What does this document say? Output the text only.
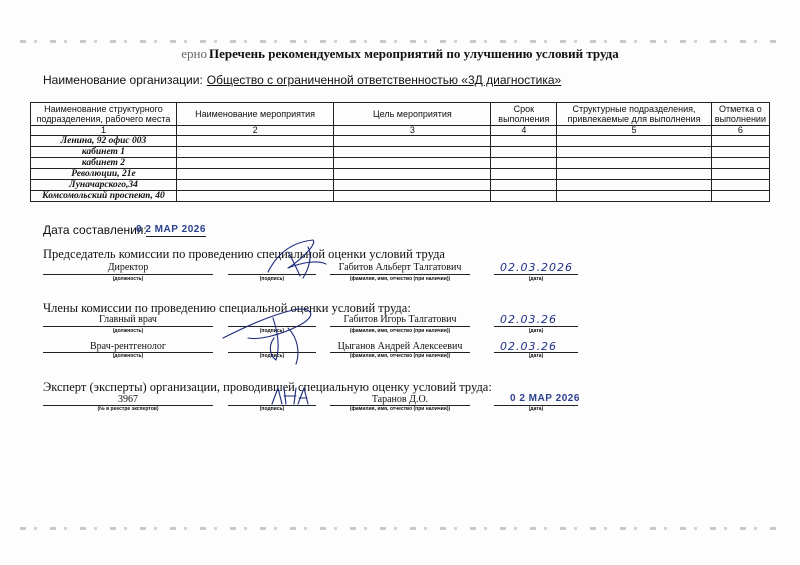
ерно Перечень рекомендуемых мероприятий по улучшению условий труда
Наименование организации: Общество с ограниченной ответственностью «3Д диагностика»
Наименование структурного подразделения, рабочего места	Наименование мероприятия	Цель мероприятия	Срок выполнения	Структурные подразделения, привлекаемые для выполнения	Отметка о выполнении
1	2	3	4	5	6
Ленина, 92 офис 003					
кабинет 1					
кабинет 2					
Революции, 21е					
Луначарского,34					
Комсомольский проспект, 40					
Дата составления:
0 2 МАР 2026
Председатель комиссии по проведению специальной оценки условий труда
Директор
(должность)	(подпись)
Габитов Альберт Талгатович
(фамилия, имя, отчество (при наличии))
02.03.2026
(дата)
Члены комиссии по проведению специальной оценки условий труда:
Главный врач
(должность)	(подпись)
Габитов Игорь Талгатович
(фамилия, имя, отчество (при наличии))
02.03.26
(дата)
Врач-рентгенолог
(должность)	(подпись)
Цыганов Андрей Алексеевич
(фамилия, имя, отчество (при наличии))
02.03.26
(дата)
Эксперт (эксперты) организации, проводившей специальную оценку условий труда:
3967
(№ в реестре экспертов)	(подпись)
Таранов Д.О.
(фамилия, имя, отчество (при наличии))
0 2 МАР 2026
(дата)
